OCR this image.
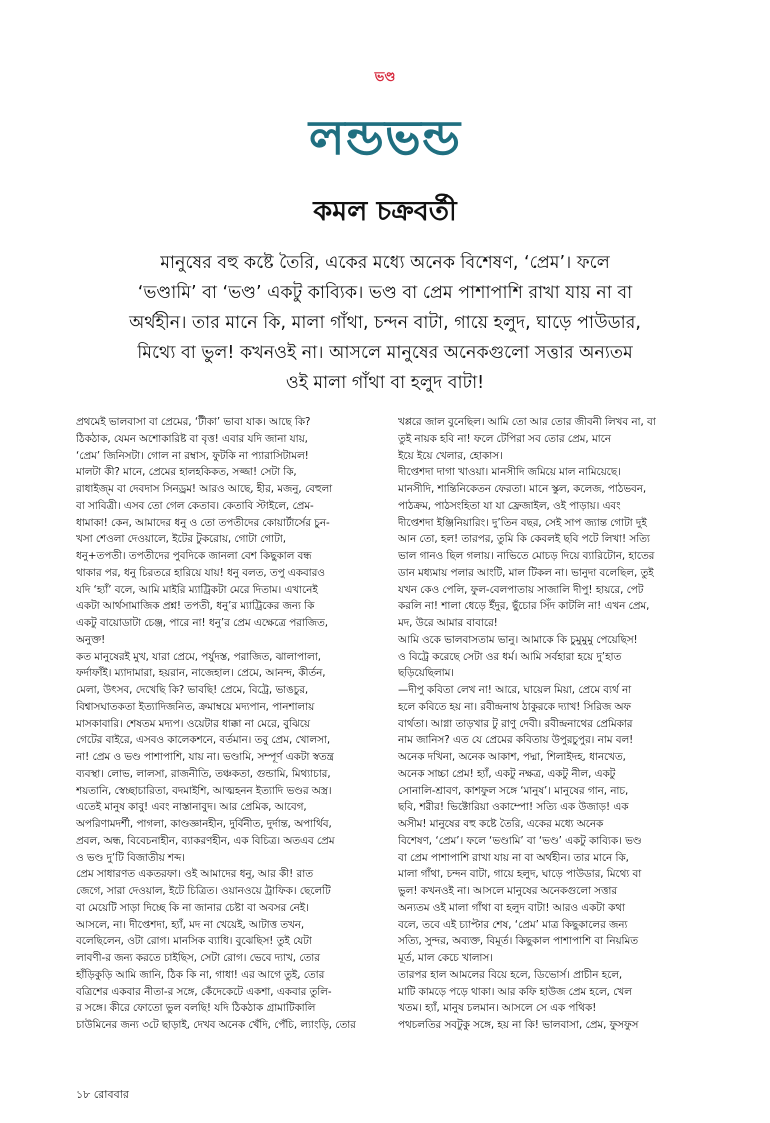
ভণ্ড
লন্ডভন্ড
কমল চক্রবর্তী
মানুষের বহু কষ্টে তৈরি, একের মধ্যে অনেক বিশেষণ, ‘প্রেম’। ফলে
‘ভণ্ডামি’ বা ‘ভণ্ড’ একটু কাব্যিক। ভণ্ড বা প্রেম পাশাপাশি রাখা যায় না বা
অর্থহীন। তার মানে কি, মালা গাঁথা, চন্দন বাটা, গায়ে হলুদ, ঘাড়ে পাউডার,
মিথ্যে বা ভুল! কখনওই না। আসলে মানুষের অনেকগুলো সত্তার অন্যতম
ওই মালা গাঁথা বা হলুদ বাটা!
প্রথমেই ভালবাসা বা প্রেমের, ‘টীকা’ ভাবা যাক। আছে কি?
ঠিকঠাক, যেমন অশোকারিষ্ট বা বৃত্ত! এবার যদি জানা যায়,
‘প্রেম’ জিনিসটা। গোল না রম্বাস, ফুটকি না প্যারাসিটামল!
মালটা কী? মানে, প্রেমের হালহকিকত, সজ্জা! সেটা কি,
রাধাইজ্‌ম বা দেবদাস সিনড্রম! আরও আছে, হীর, মজনু, বেহুলা
বা সাবিত্রী। এসব তো গেল কেতাব। কেতাবি স্টাইলে, প্রেম-
ধামাকা! কেন, আমাদের ধনু ও তো তপতীদের কোয়ার্টার্সের চুন-
খসা শেওলা দেওয়ালে, ইটের টুকরোয়, গোটা গোটা,
ধনু+তপতী। তপতীদের পুবদিকে জানলা বেশ কিছুকাল বন্ধ
থাকার পর, ধনু চিরতরে হারিয়ে যায়! ধনু বলত, তপু একবারও
যদি ‘হ্যাঁ’ বলে, আমি মাইরি ম্যাট্রিকটা মেরে দিতাম। এখানেই
একটা আর্থসামাজিক প্রশ্ন! তপতী, ধনু’র ম্যাট্রিকের জন্য কি
একটু বায়োডাটা চেঞ্জ, পারে না! ধনু’র প্রেম এক্ষেত্রে পরাজিত,
অনুক্ত!
কত মানুষেরই মুখ, যারা প্রেমে, পর্যুদস্ত, পরাজিত, ঝালাপালা,
ফর্দাফাঁই। ম্যাদামারা, হয়রান, নাজেহাল। প্রেমে, আনন্দ, কীর্তন,
মেলা, উৎসব, দেখেছি কি? ভাবছি! প্রেমে, বিট্রে, ভাঙচুর,
বিশ্বাসঘাতকতা ইত্যাদিজনিত, ক্রমাম্বয়ে মদ্যপান, পানশালায়
মাসকাবারি। শেষতম মদ্যপ। ওয়েটার ধাক্কা না মেরে, বুঝিয়ে
গেটের বাইরে, এসবও কালেকশনে, বর্তমান। তবু প্রেম, খোলসা,
না! প্রেম ও ভণ্ড পাশাপাশি, যায় না। ভণ্ডামি, সম্পূর্ণ একটা স্বতন্ত্র
ব্যবস্থা। লোভ, লালসা, রাজনীতি, তঞ্চকতা, গুন্ডামি, মিথ্যাচার,
শয়তানি, স্বেচ্ছাচারিতা, বদমাইশি, আত্মহনন ইত্যাদি ভণ্ডর অস্ত্র।
এতেই মানুষ কাবু! এবং নাস্তানাবুদ। আর প্রেমিক, আবেগ,
অপরিণামদর্শী, পাগলা, কাণ্ডজ্ঞানহীন, দুর্বিনীত, দুর্দান্ত, অপার্থিব,
প্রবল, অন্ধ, বিবেচনাহীন, ব্যাকরণহীন, এক বিচিত্র। অতএব প্রেম
ও ভণ্ড দু’টি বিজাতীয় শব্দ।
প্রেম সাধারণত একতরফা। ওই আমাদের ধনু, আর কী! রাত
জেগে, সারা দেওয়াল, ইটে চিত্রিত। ওয়ানওয়ে ট্রাফিক। ছেলেটি
বা মেয়েটি সাড়া দিচ্ছে কি না জানার চেষ্টা বা অবসর নেই।
আসলে, না। দীপ্তেশদা, হ্যাঁ, মদ না খেয়েই, আটাত্ত তখন,
বলেছিলেন, ওটা রোগ। মানসিক ব্যাধি। বুঝেছিস! তুই যেটা
লাবণী-র জন্য করতে চাইছিস, সেটা রোগ। ভেবে দ্যাখ, তোর
হাঁড়িকুড়ি আমি জানি, ঠিক কি না, গাধা! এর আগে তুই, তোর
বত্রিশের একবার নীতা-র সঙ্গে, কেঁদেকেটে একশা, একবার তুলি-
র সঙ্গে। কীরে ফোতো ভুল বলছি! যদি ঠিকঠাক গ্রামাটিকালি
চাউমিনের জন্য ৩টে ছাড়াই, দেখব অনেক খেঁদি, পেঁচি, ল্যাংড়ি, তোর
খপ্পরে জাল বুনেছিল। আমি তো আর তোর জীবনী লিখব না, বা
তুই নায়ক হবি না! ফলে টেপিরা সব তোর প্রেম, মানে
ইয়ে ইয়ে খেলার, হোকাস।
দীপ্তেশদা দাগা খাওয়া। মানসীদি জমিয়ে মাল নামিয়েছে।
মানসীদি, শান্তিনিকেতন ফেরতা। মানে স্কুল, কলেজ, পাঠভবন,
পাঠক্রম, পাঠসংহিতা যা যা ফ্রেজাইল, ওই পাড়ায়। এবং
দীপ্তেশদা ইঞ্জিনিয়ারিং। দু’তিন বছর, সেই সাপ জ্যান্ত গোটা দুই
আন তো, হল! তারপর, তুমি কি কেবলই ছবি পটে লিখা! সত্যি
ভাল গানও ছিল গলায়। নাভিতে মোচড় দিয়ে ব্যারিটোন, হাতের
ডান মধ্যমায় পলার আংটি, মাল টিকল না। ভানুদা বলেছিল, তুই
যখন কেও পেলি, ফুল-বেলপাতায় সাজালি দীপু! হায়রে, পেট
করলি না! শালা ধেড়ে ইঁদুর, ছুঁচোর সিঁদ কাটলি না! এখন প্রেম,
মদ, উরে আমার বাবারে!
আমি ওকে ভালবাসতাম ভানু। আমাকে কি চুমুমুমু পেয়েছিস!
ও বিট্রে করেছে সেটা ওর ধর্ম। আমি সর্বহারা হয়ে দু’হাত
ছড়িয়েছিলাম।
—দীপু কবিতা লেখ না! আরে, ঘায়েল মিয়া, প্রেমে ব্যর্থ না
হলে কবিতে হয় না। রবীন্দ্রনাথ ঠাকুরকে দ্যাখ! সিরিজ অফ
বার্থতা। আগ্না তাড়খার টু রাণু দেবী। রবীন্দ্রনাথের প্রেমিকার
নাম জানিস? এত যে প্রেমের কবিতায় উপুরচুপুর। নাম বল!
অনেক দখিনা, অনেক আকাশ, পদ্মা, শিলাইদহ, ধানখেত,
অনেক সাচ্চা প্রেম! হ্যাঁ, একটু নক্ষত্র, একটু নীল, একটু
সোনালি-শ্রাবণ, কাশফুল সঙ্গে ‘মানুষ’। মানুষের গান, নাচ,
ছবি, শরীর! ভিক্টোরিয়া ওকাম্পো! সত্যি এক উজাড়! এক
অসীম! মানুষের বহু কষ্টে তৈরি, একের মধ্যে অনেক
বিশেষণ, ‘প্রেম’। ফলে ‘ভণ্ডামি’ বা ‘ভণ্ড’ একটু কাব্যিক। ভণ্ড
বা প্রেম পাশাপাশি রাখা যায় না বা অর্থহীন। তার মানে কি,
মালা গাঁথা, চন্দন বাটা, গায়ে হলুদ, ঘাড়ে পাউডার, মিথ্যে বা
ভুল! কখনওই না। আসলে মানুষের অনেকগুলো সত্তার
অন্যতম ওই মালা গাঁথা বা হলুদ বাটা! আরও একটা কথা
বলে, তবে এই চ্যাপ্টার শেষ, ‘প্রেম’ মাত্র কিছুকালের জন্য
সত্যি, সুন্দর, অব্যক্ত, বিমূর্ত। কিছুকাল পাশাপাশি বা নিয়মিত
মূর্ত, মাল কেচে খালাস।
তারপর হাল আমলের বিয়ে হলে, ডিভোর্স। প্রাচীন হলে,
মাটি কামড়ে পড়ে থাকা। আর কফি হাউজ প্রেম হলে, খেল
খতম। হ্যাঁ, মানুষ চলমান। আসলে সে এক পথিক!
পথচলতির সবটুকু সঙ্গে, হয় না কি! ভালবাসা, প্রেম, ফুসফুস
১৮ রোববার
